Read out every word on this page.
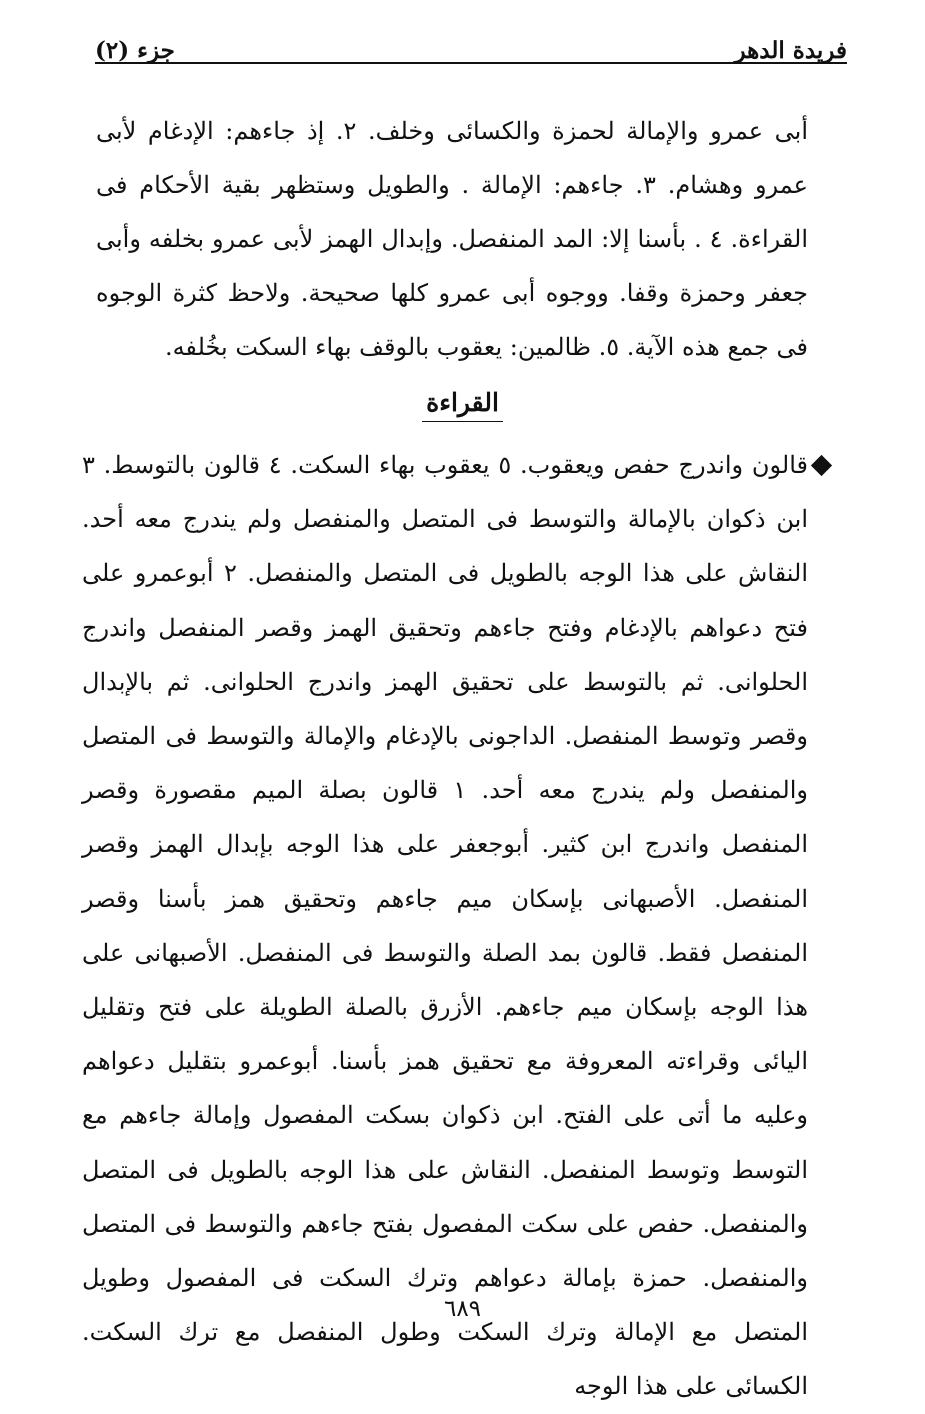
فريدة الدهر
جزء (٢)

أبى عمرو والإمالة لحمزة والكسائى وخلف. ٢. إذ جاءهم: الإدغام لأبى عمرو وهشام. ٣. جاءهم: الإمالة . والطويل وستظهر بقية الأحكام فى القراءة. ٤ . بأسنا إلا: المد المنفصل. وإبدال الهمز لأبى عمرو بخلفه وأبى جعفر وحمزة وقفا. ووجوه أبى عمرو كلها صحيحة. ولاحظ كثرة الوجوه فى جمع هذه الآية. ٥. ظالمين: يعقوب بالوقف بهاء السكت بخُلفه.

القراءة

قالون واندرج حفص ويعقوب. ٥ يعقوب بهاء السكت. ٤ قالون بالتوسط. ٣ ابن ذكوان بالإمالة والتوسط فى المتصل والمنفصل ولم يندرج معه أحد. النقاش على هذا الوجه بالطويل فى المتصل والمنفصل. ٢ أبوعمرو على فتح دعواهم بالإدغام وفتح جاءهم وتحقيق الهمز وقصر المنفصل واندرج الحلوانى. ثم بالتوسط على تحقيق الهمز واندرج الحلوانى. ثم بالإبدال وقصر وتوسط المنفصل. الداجونى بالإدغام والإمالة والتوسط فى المتصل والمنفصل ولم يندرج معه أحد. ١ قالون بصلة الميم مقصورة وقصر المنفصل واندرج ابن كثير. أبوجعفر على هذا الوجه بإبدال الهمز وقصر المنفصل. الأصبهانى بإسكان ميم جاءهم وتحقيق همز بأسنا وقصر المنفصل فقط. قالون بمد الصلة والتوسط فى المنفصل. الأصبهانى على هذا الوجه بإسكان ميم جاءهم. الأزرق بالصلة الطويلة على فتح وتقليل اليائى وقراءته المعروفة مع تحقيق همز بأسنا. أبوعمرو بتقليل دعواهم وعليه ما أتى على الفتح. ابن ذكوان بسكت المفصول وإمالة جاءهم مع التوسط وتوسط المنفصل. النقاش على هذا الوجه بالطويل فى المتصل والمنفصل. حفص على سكت المفصول بفتح جاءهم والتوسط فى المتصل والمنفصل. حمزة بإمالة دعواهم وترك السكت فى المفصول وطويل المتصل مع الإمالة وترك السكت وطول المنفصل مع ترك السكت. الكسائى على هذا الوجه

٦٨٩
